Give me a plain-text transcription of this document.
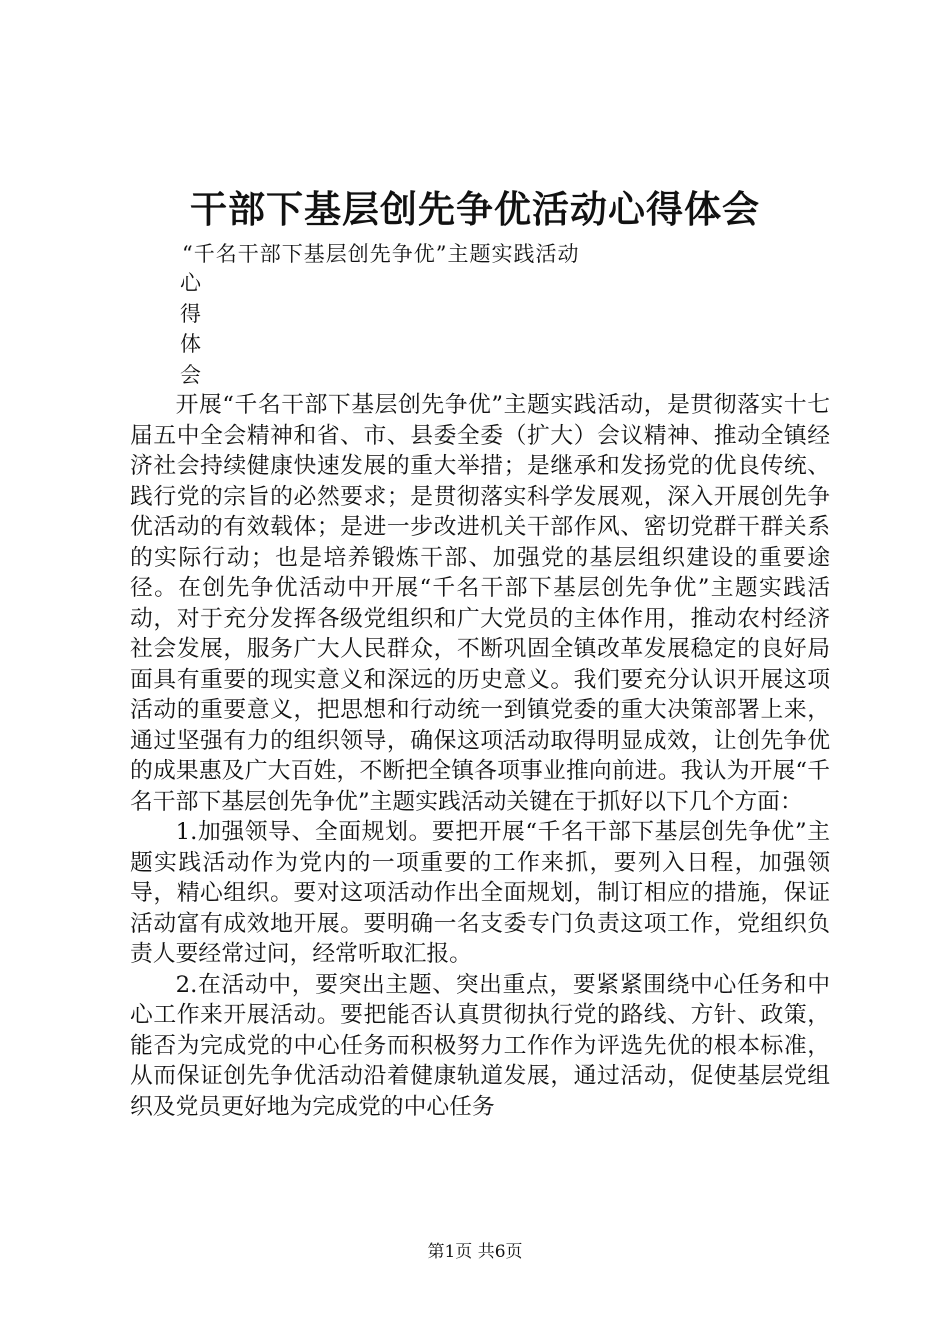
干部下基层创先争优活动心得体会
“千名干部下基层创先争优”主题实践活动
心
得
体
会

开展“千名干部下基层创先争优”主题实践活动，是贯彻落实十七届五中全会精神和省、市、县委全委（扩大）会议精神、推动全镇经济社会持续健康快速发展的重大举措；是继承和发扬党的优良传统、践行党的宗旨的必然要求；是贯彻落实科学发展观，深入开展创先争优活动的有效载体；是进一步改进机关干部作风、密切党群干群关系的实际行动；也是培养锻炼干部、加强党的基层组织建设的重要途径。在创先争优活动中开展“千名干部下基层创先争优”主题实践活动，对于充分发挥各级党组织和广大党员的主体作用，推动农村经济社会发展，服务广大人民群众，不断巩固全镇改革发展稳定的良好局面具有重要的现实意义和深远的历史意义。我们要充分认识开展这项活动的重要意义，把思想和行动统一到镇党委的重大决策部署上来，通过坚强有力的组织领导，确保这项活动取得明显成效，让创先争优的成果惠及广大百姓，不断把全镇各项事业推向前进。我认为开展“千名干部下基层创先争优”主题实践活动关键在于抓好以下几个方面：

1.加强领导、全面规划。要把开展“千名干部下基层创先争优”主题实践活动作为党内的一项重要的工作来抓，要列入日程，加强领导，精心组织。要对这项活动作出全面规划，制订相应的措施，保证活动富有成效地开展。要明确一名支委专门负责这项工作，党组织负责人要经常过问，经常听取汇报。

2.在活动中，要突出主题、突出重点，要紧紧围绕中心任务和中心工作来开展活动。要把能否认真贯彻执行党的路线、方针、政策，能否为完成党的中心任务而积极努力工作作为评选先优的根本标准，从而保证创先争优活动沿着健康轨道发展，通过活动，促使基层党组织及党员更好地为完成党的中心任务

第1页 共6页
